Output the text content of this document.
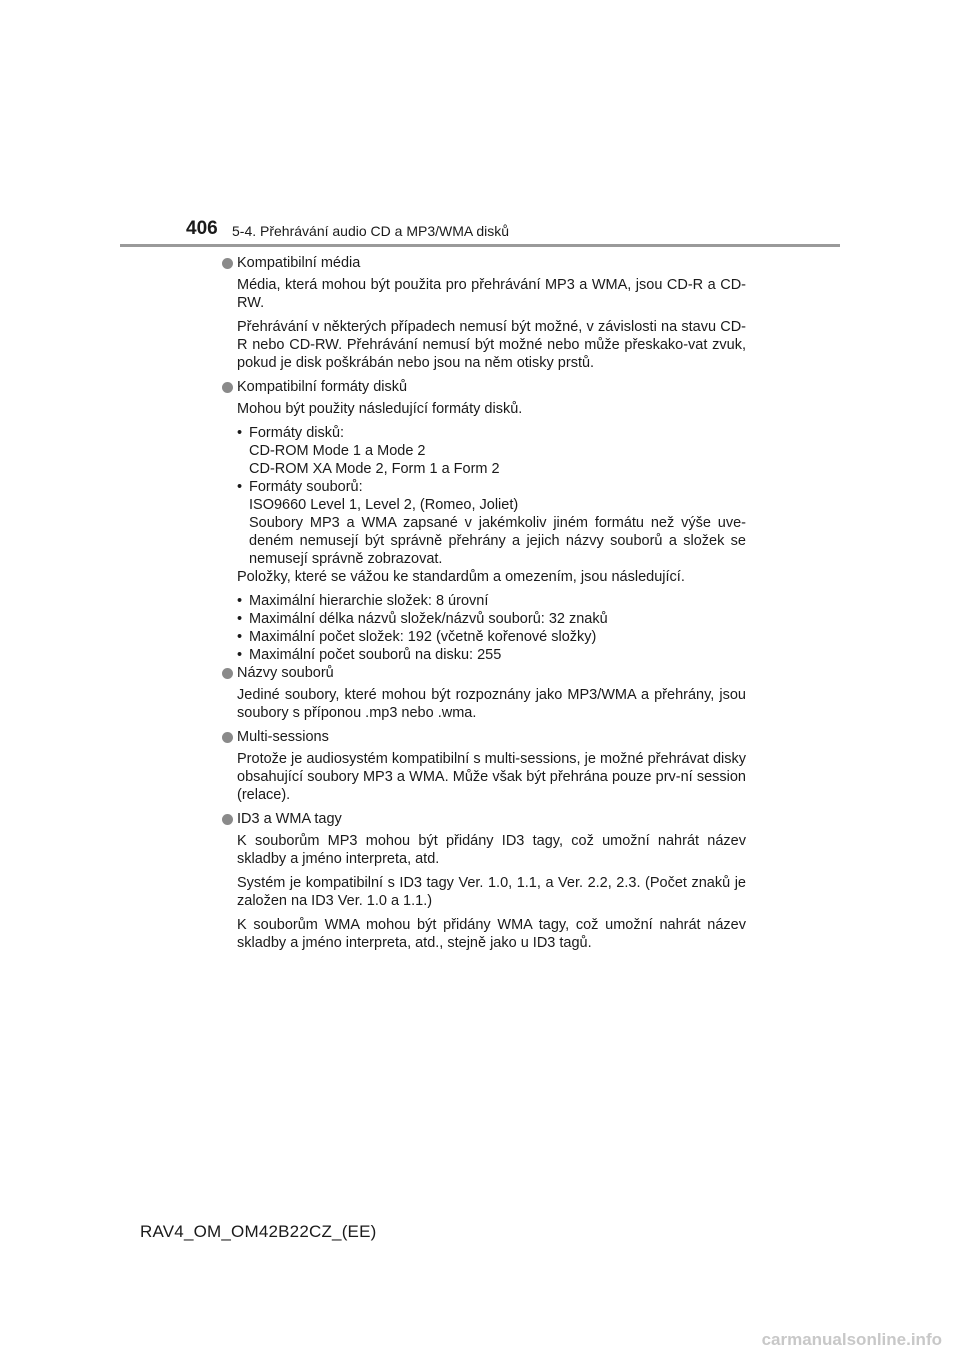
406 5-4. Přehrávání audio CD a MP3/WMA disků
Kompatibilní média

Média, která mohou být použita pro přehrávání MP3 a WMA, jsou CD-R a CD-RW.

Přehrávání v některých případech nemusí být možné, v závislosti na stavu CD-R nebo CD-RW. Přehrávání nemusí být možné nebo může přeskako-vat zvuk, pokud je disk poškrábán nebo jsou na něm otisky prstů.

Kompatibilní formáty disků

Mohou být použity následující formáty disků.

• Formáty disků:
CD-ROM Mode 1 a Mode 2
CD-ROM XA Mode 2, Form 1 a Form 2
• Formáty souborů:
ISO9660 Level 1, Level 2, (Romeo, Joliet)
Soubory MP3 a WMA zapsané v jakémkoliv jiném formátu než výše uve-deném nemusejí být správně přehrány a jejich názvy souborů a složek se nemusejí správně zobrazovat.
Položky, které se vážou ke standardům a omezením, jsou následující.
• Maximální hierarchie složek: 8 úrovní
• Maximální délka názvů složek/názvů souborů: 32 znaků
• Maximální počet složek: 192 (včetně kořenové složky)
• Maximální počet souborů na disku: 255
Názvy souborů

Jediné soubory, které mohou být rozpoznány jako MP3/WMA a přehrány, jsou soubory s příponou .mp3 nebo .wma.

Multi-sessions

Protože je audiosystém kompatibilní s multi-sessions, je možné přehrávat disky obsahující soubory MP3 a WMA. Může však být přehrána pouze prv-ní session (relace).

ID3 a WMA tagy

K souborům MP3 mohou být přidány ID3 tagy, což umožní nahrát název skladby a jméno interpreta, atd.

Systém je kompatibilní s ID3 tagy Ver. 1.0, 1.1, a Ver. 2.2, 2.3. (Počet znaků je založen na ID3 Ver. 1.0 a 1.1.)

K souborům WMA mohou být přidány WMA tagy, což umožní nahrát název skladby a jméno interpreta, atd., stejně jako u ID3 tagů.

RAV4_OM_OM42B22CZ_(EE)
carmanualsonline.info
